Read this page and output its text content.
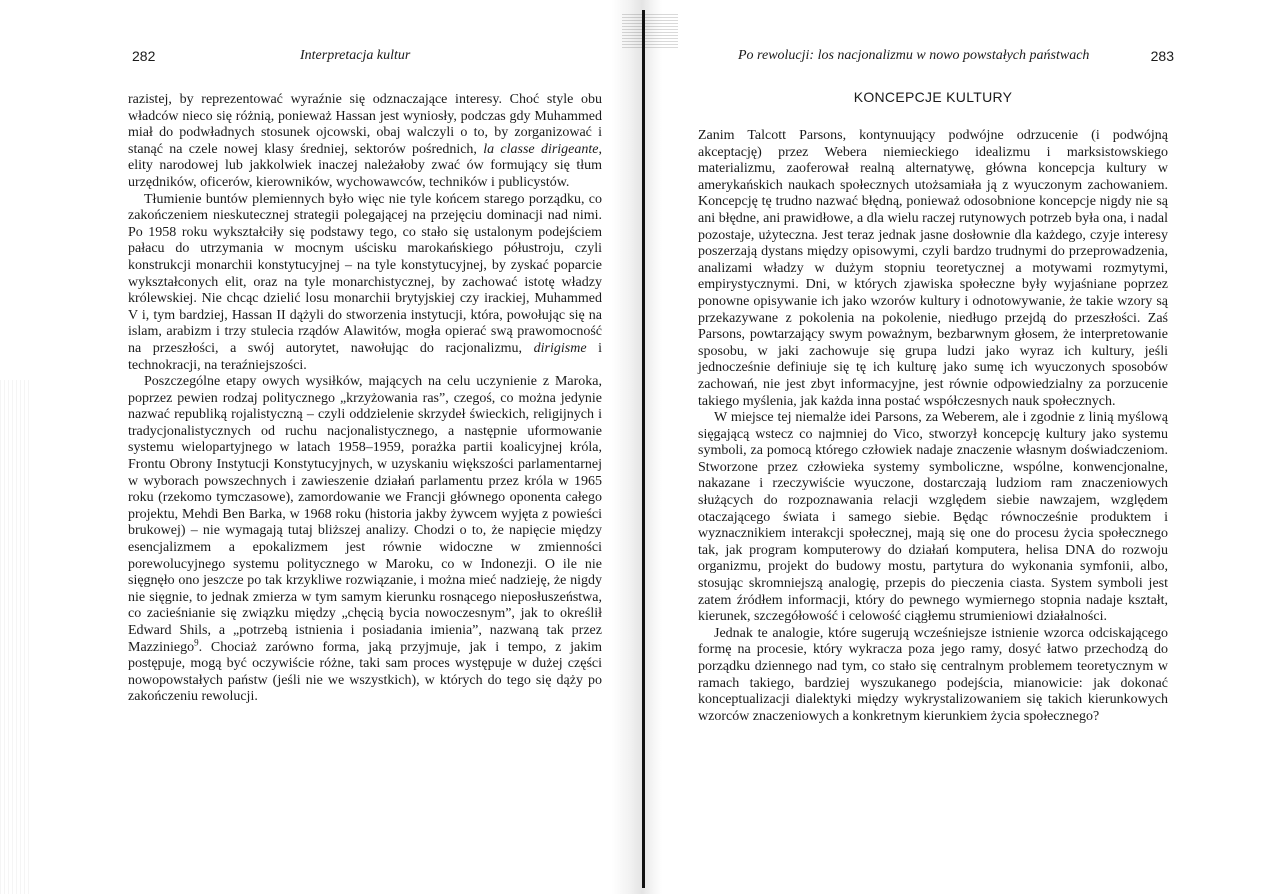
282	Interpretacja kultur

razistej, by reprezentować wyraźnie się odznaczające interesy. Choć style obu władców nieco się różnią, ponieważ Hassan jest wyniosły, podczas gdy Muhammed miał do podwładnych stosunek ojcowski, obaj walczyli o to, by zorganizować i stanąć na czele nowej klasy średniej, sektorów pośrednich, la classe dirigeante, elity narodowej lub jakkolwiek inaczej należałoby zwać ów formujący się tłum urzędników, oficerów, kierowników, wychowawców, techników i publicystów.

Tłumienie buntów plemiennych było więc nie tyle końcem starego porządku, co zakończeniem nieskutecznej strategii polegającej na przejęciu dominacji nad nimi. Po 1958 roku wykształciły się podstawy tego, co stało się ustalonym podejściem pałacu do utrzymania w mocnym uścisku marokańskiego półustroju, czyli konstrukcji monarchii konstytucyjnej – na tyle konstytucyjnej, by zyskać poparcie wykształconych elit, oraz na tyle monarchistycznej, by zachować istotę władzy królewskiej. Nie chcąc dzielić losu monarchii brytyjskiej czy irackiej, Muhammed V i, tym bardziej, Hassan II dążyli do stworzenia instytucji, która, powołując się na islam, arabizm i trzy stulecia rządów Alawitów, mogła opierać swą prawomocność na przeszłości, a swój autorytet, nawołując do racjonalizmu, dirigisme i technokracji, na teraźniejszości.

Poszczególne etapy owych wysiłków, mających na celu uczynienie z Maroka, poprzez pewien rodzaj politycznego „krzyżowania ras”, czegoś, co można jedynie nazwać republiką rojalistyczną – czyli oddzielenie skrzydeł świeckich, religijnych i tradycjonalistycznych od ruchu nacjonalistycznego, a następnie uformowanie systemu wielopartyjnego w latach 1958–1959, porażka partii koalicyjnej króla, Frontu Obrony Instytucji Konstytucyjnych, w uzyskaniu większości parlamentarnej w wyborach powszechnych i zawieszenie działań parlamentu przez króla w 1965 roku (rzekomo tymczasowe), zamordowanie we Francji głównego oponenta całego projektu, Mehdi Ben Barka, w 1968 roku (historia jakby żywcem wyjęta z powieści brukowej) – nie wymagają tutaj bliższej analizy. Chodzi o to, że napięcie między esencjalizmem a epokalizmem jest równie widoczne w zmienności porewolucyjnego systemu politycznego w Maroku, co w Indonezji. O ile nie sięgnęło ono jeszcze po tak krzykliwe rozwiązanie, i można mieć nadzieję, że nigdy nie sięgnie, to jednak zmierza w tym samym kierunku rosnącego nieposłuszeństwa, co zacieśnianie się związku między „chęcią bycia nowoczesnym”, jak to określił Edward Shils, a „potrzebą istnienia i posiadania imienia”, nazwaną tak przez Mazziniego$^9$. Chociaż zarówno forma, jaką przyjmuje, jak i tempo, z jakim postępuje, mogą być oczywiście różne, taki sam proces występuje w dużej części nowopowstałych państw (jeśli nie we wszystkich), w których do tego się dąży po zakończeniu rewolucji.

Po rewolucji: los nacjonalizmu w nowo powstałych państwach	283
KONCEPCJE KULTURY

Zanim Talcott Parsons, kontynuujący podwójne odrzucenie (i podwójną akceptację) przez Webera niemieckiego idealizmu i marksistowskiego materializmu, zaoferował realną alternatywę, główna koncepcja kultury w amerykańskich naukach społecznych utożsamiała ją z wyuczonym zachowaniem. Koncepcję tę trudno nazwać błędną, ponieważ odosobnione koncepcje nigdy nie są ani błędne, ani prawidłowe, a dla wielu raczej rutynowych potrzeb była ona, i nadal pozostaje, użyteczna. Jest teraz jednak jasne dosłownie dla każdego, czyje interesy poszerzają dystans między opisowymi, czyli bardzo trudnymi do przeprowadzenia, analizami władzy w dużym stopniu teoretycznej a motywami rozmytymi, empirystycznymi. Dni, w których zjawiska społeczne były wyjaśniane poprzez ponowne opisywanie ich jako wzorów kultury i odnotowywanie, że takie wzory są przekazywane z pokolenia na pokolenie, niedługo przejdą do przeszłości. Zaś Parsons, powtarzający swym poważnym, bezbarwnym głosem, że interpretowanie sposobu, w jaki zachowuje się grupa ludzi jako wyraz ich kultury, jeśli jednocześnie definiuje się tę ich kulturę jako sumę ich wyuczonych sposobów zachowań, nie jest zbyt informacyjne, jest równie odpowiedzialny za porzucenie takiego myślenia, jak każda inna postać współczesnych nauk społecznych.

W miejsce tej niemalże idei Parsons, za Weberem, ale i zgodnie z linią myślową sięgającą wstecz co najmniej do Vico, stworzył koncepcję kultury jako systemu symboli, za pomocą którego człowiek nadaje znaczenie własnym doświadczeniom. Stworzone przez człowieka systemy symboliczne, wspólne, konwencjonalne, nakazane i rzeczywiście wyuczone, dostarczają ludziom ram znaczeniowych służących do rozpoznawania relacji względem siebie nawzajem, względem otaczającego świata i samego siebie. Będąc równocześnie produktem i wyznacznikiem interakcji społecznej, mają się one do procesu życia społecznego tak, jak program komputerowy do działań komputera, helisa DNA do rozwoju organizmu, projekt do budowy mostu, partytura do wykonania symfonii, albo, stosując skromniejszą analogię, przepis do pieczenia ciasta. System symboli jest zatem źródłem informacji, który do pewnego wymiernego stopnia nadaje kształt, kierunek, szczegółowość i celowość ciągłemu strumieniowi działalności.

Jednak te analogie, które sugerują wcześniejsze istnienie wzorca odciskającego formę na procesie, który wykracza poza jego ramy, dosyć łatwo przechodzą do porządku dziennego nad tym, co stało się centralnym problemem teoretycznym w ramach takiego, bardziej wyszukanego podejścia, mianowicie: jak dokonać konceptualizacji dialektyki między wykrystalizowaniem się takich kierunkowych wzorców znaczeniowych a konkretnym kierunkiem życia społecznego?
